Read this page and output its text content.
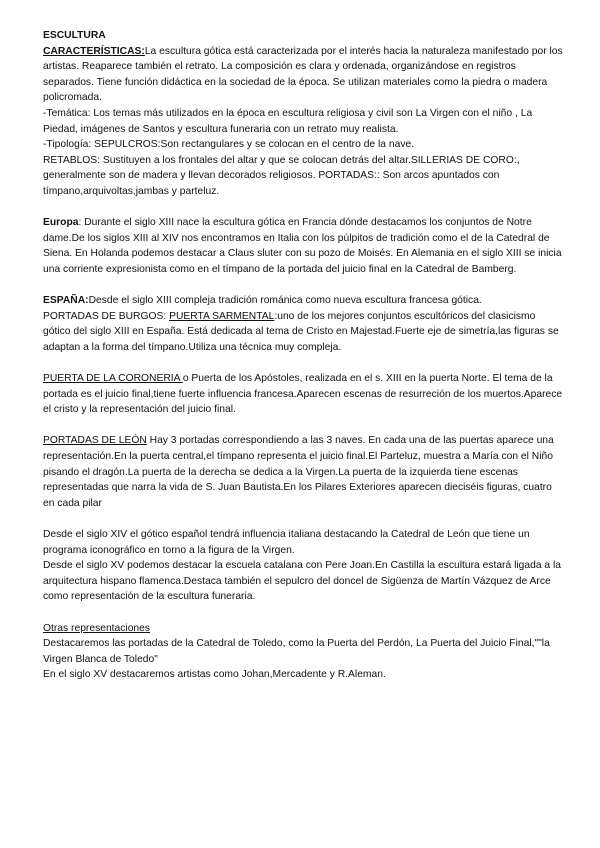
ESCULTURA

CARACTERÍSTICAS:La escultura gótica está caracterizada por el interés hacia la naturaleza manifestado por los artistas. Reaparece también el retrato. La composición es clara y ordenada, organizándose en registros separados. Tiene función didáctica en la sociedad de la época. Se utilizan materiales como la piedra o madera policromada.

-Temática: Los temas más utilizados en la época en escultura religiosa y civil son La Virgen con el niño , La Piedad, imágenes de Santos y escultura funeraria con un retrato muy realista.

-Tipología: SEPULCROS:Son rectangulares y se colocan en el centro de la nave.

RETABLOS: Sustituyen a los frontales del altar y que se colocan detrás del altar.SILLERIAS DE CORO:, generalmente son de madera y llevan decorados religiosos. PORTADAS:: Son arcos apuntados con tímpano,arquivoltas,jambas y parteluz.

Europa: Durante el siglo XIII nace la escultura gótica en Francia dónde destacamos los conjuntos de Notre dame.De los siglos XIII al XIV nos encontramos en Italia con los púlpitos de tradición como el de la Catedral de Siena. En Holanda podemos destacar a Claus sluter con su pozo de Moisés. En Alemania en el siglo XIII se inicia una corriente expresionista como en el tímpano de la portada del juicio final en la Catedral de Bamberg.

ESPAÑA:Desde el siglo XIII compleja tradición románica como nueva escultura francesa gótica.

PORTADAS DE BURGOS: PUERTA SARMENTAL:uno de los mejores conjuntos escultóricos del clasicismo gótico del siglo XIII en España. Está dedicada al tema de Cristo en Majestad.Fuerte eje de simetría,las figuras se adaptan a la forma del tímpano.Utiliza una técnica muy compleja.

PUERTA DE LA CORONERIA o Puerta de los Apóstoles, realizada en el s. XIII en la puerta Norte. El tema de la portada es el juicio final,tiene fuerte influencia francesa.Aparecen escenas de resurreción de los muertos.Aparece el cristo y la representación del juicio final.

PORTADAS DE LEÓN Hay 3 portadas correspondiendo a las 3 naves. En cada una de las puertas aparece una representación.En la puerta central,el tímpano representa el juicio final.El Parteluz, muestra a María con el Niño pisando el dragón.La puerta de la derecha se dedica a la Virgen.La puerta de la izquierda tiene escenas representadas que narra la vida de S. Juan Bautista.En los Pilares Exteriores aparecen dieciséis figuras, cuatro en cada pilar

Desde el siglo XIV el gótico español tendrá influencia italiana destacando la Catedral de León que tiene un programa iconográfico en torno a la figura de la Virgen.

Desde el siglo XV podemos destacar la escuela catalana con Pere Joan.En Castilla la escultura estará ligada a la arquitectura hispano flamenca.Destaca también el sepulcro del doncel de Sigüenza de Martín Vázquez de Arce como representación de la escultura funeraria.

Otras representaciones

Destacaremos las portadas de la Catedral de Toledo, como la Puerta del Perdón, La Puerta del Juicio Final,""la Virgen Blanca de Toledo"

En el siglo XV destacaremos artistas como Johan,Mercadente y R.Aleman.
